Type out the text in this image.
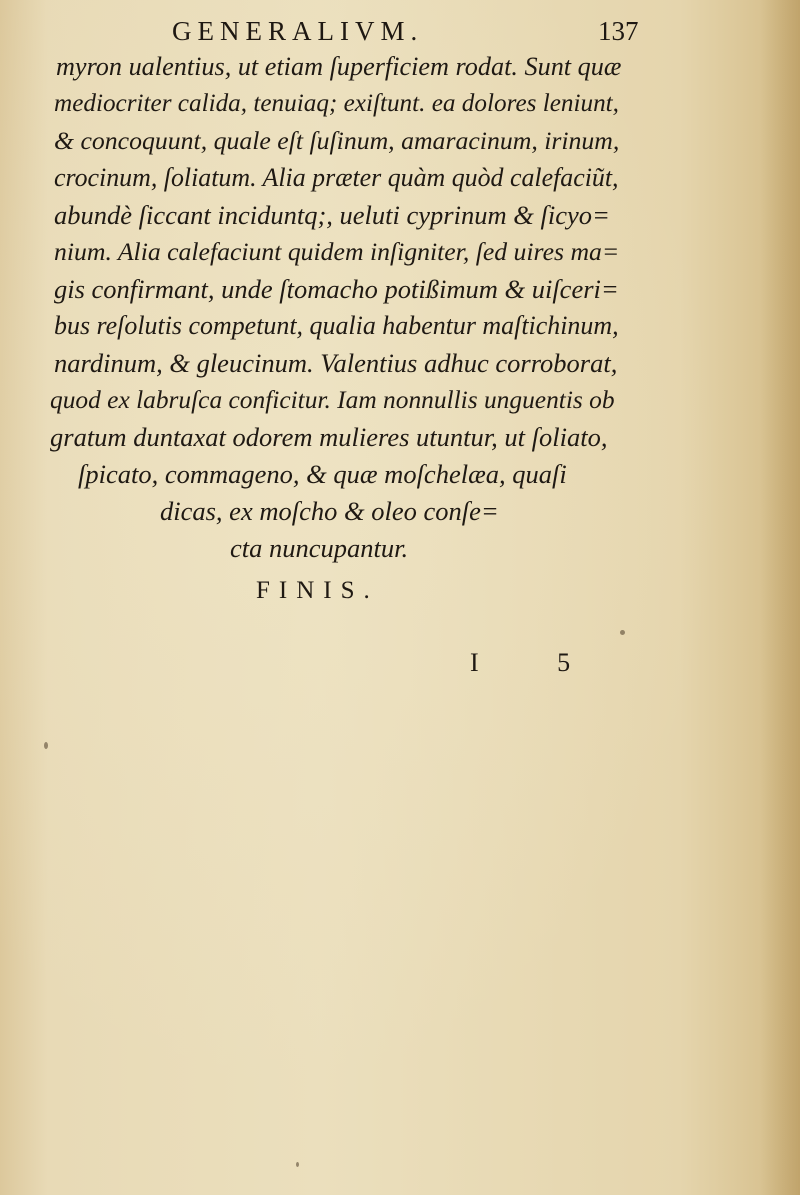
GENERALIVM.	137
myron ualentius, ut etiam ſuperficiem rodat. Sunt quæ
mediocriter calida, tenuiaq; exiſtunt. ea dolores leniunt,
& concoquunt, quale eſt ſuſinum, amaracinum, irinum,
crocinum, ſoliatum. Alia præter quàm quòd calefaciũt,
abundè ſiccant inciduntq;, ueluti cyprinum & ſicyo=
nium. Alia calefaciunt quidem inſigniter, ſed uires ma=
gis confirmant, unde ſtomacho potißimum & uiſceri=
bus reſolutis competunt, qualia habentur maſtichinum,
nardinum, & gleucinum. Valentius adhuc corroborat,
quod ex labruſca conficitur. Iam nonnullis unguentis ob
gratum duntaxat odorem mulieres utuntur, ut ſoliato,
ſpicato, commageno, & quæ moſchelæa, quaſi
dicas, ex moſcho & oleo conſe=
cta nuncupantur.
FINIS.
I 5
